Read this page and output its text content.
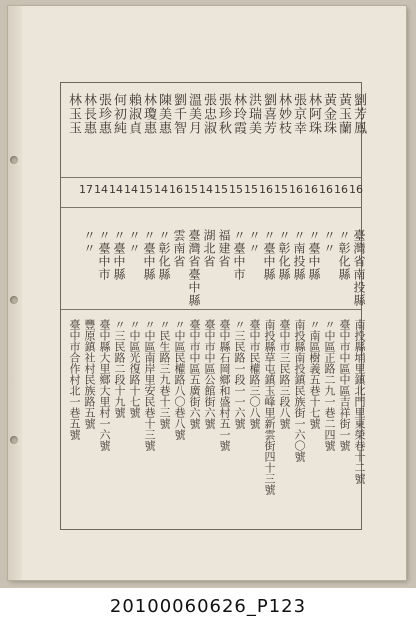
劉芳鳳
16
臺灣省南投縣
南投縣埔里鎮北門里東榮巷十二號
黃玉蘭
16
〃彰化縣
臺中市中區中區吉祥街一號
黃金珠
16
〃〃
〃中區正路二九一巷二四號
林阿珠
16
〃臺中縣
〃南區樹義五巷十七號
張京幸
16
〃南投縣
南投縣南投鎮民族街一六〇號
林妙枝
15
〃彰化縣
臺中市三民路三段八號
劉喜芳
16
〃臺中縣
南投縣草屯鎮玉峰里新雲街四十三號
洪瑞美
15
〃〃
臺中市民權路三〇八號
林玲霞
15
〃臺中市
〃三民路一段一一六號
張珍秋
15
福建省
臺中縣石岡鄉和盛村五一號
張忠淑
14
湖北省
臺中市中區公館街六號
溫美月
15
臺灣省臺中縣
臺中市中區五廣街六號
劉千智
16
雲南省
〃中區民權路八〇巷八號
陳美惠
14
〃彰化縣
〃民生路三九巷十三號
林瓊惠
15
〃臺中縣
〃中區南岸里安民巷十三號
賴淑貞
14
〃〃
〃中區光復路十七號
何初純
14
〃臺中縣
〃三民路二段十九號
張珍惠
14
〃臺中市
臺中縣大里鄉大里村一六號
林長惠
17
〃〃
豐原鎮社村民族路五號
林玉玉
臺中市合作村北一巷五號
20100060626_P123
